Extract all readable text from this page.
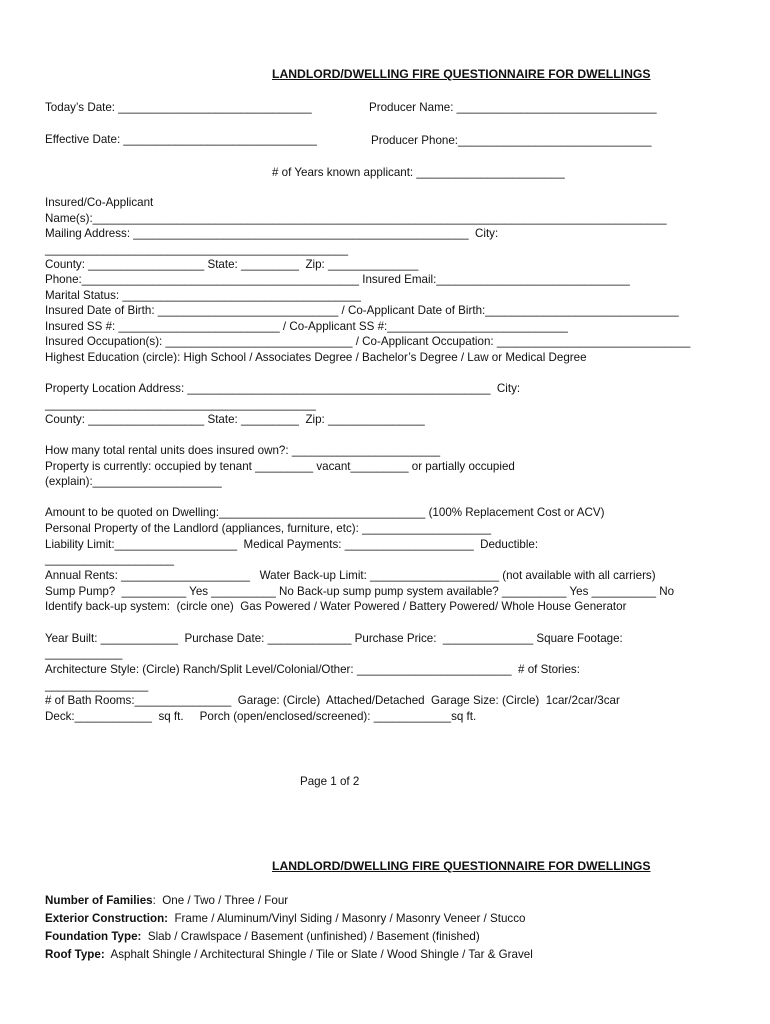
LANDLORD/DWELLING FIRE QUESTIONNAIRE FOR DWELLINGS
Today’s Date: ______________________________	Producer Name: _______________________________
Effective Date: ______________________________	Producer Phone:______________________________
# of Years known applicant: _______________________
Insured/Co-Applicant
Name(s):_________________________________________________________________________________________
Mailing Address: ____________________________________________________  City:
_______________________________________________
County: __________________ State: _________  Zip: ______________
Phone:___________________________________________ Insured Email:______________________________
Marital Status: _____________________________________
Insured Date of Birth: ____________________________ / Co-Applicant Date of Birth:______________________________
Insured SS #: _________________________ / Co-Applicant SS #:____________________________
Insured Occupation(s): _____________________________ / Co-Applicant Occupation: ______________________________
Highest Education (circle): High School / Associates Degree / Bachelor’s Degree / Law or Medical Degree
Property Location Address: _______________________________________________  City:
__________________________________________
County: __________________ State: _________  Zip: _______________
How many total rental units does insured own?: _______________________
Property is currently: occupied by tenant _________ vacant_________ or partially occupied
(explain):____________________
Amount to be quoted on Dwelling:________________________________ (100% Replacement Cost or ACV)
Personal Property of the Landlord (appliances, furniture, etc): ____________________
Liability Limit:___________________  Medical Payments: ____________________  Deductible:
____________________
Annual Rents: ____________________   Water Back-up Limit: ____________________ (not available with all carriers)
Sump Pump?  __________ Yes __________ No Back-up sump pump system available? __________ Yes __________ No
Identify back-up system:  (circle one)  Gas Powered / Water Powered / Battery Powered/ Whole House Generator
Year Built: ____________  Purchase Date: _____________ Purchase Price:  ______________ Square Footage:
____________
Architecture Style: (Circle) Ranch/Split Level/Colonial/Other: ________________________  # of Stories:
________________
# of Bath Rooms:_______________  Garage: (Circle)  Attached/Detached  Garage Size: (Circle)  1car/2car/3car
Deck:____________  sq ft.     Porch (open/enclosed/screened): ____________sq ft.
Page 1 of 2
LANDLORD/DWELLING FIRE QUESTIONNAIRE FOR DWELLINGS
Number of Families:  One / Two / Three / Four
Exterior Construction:  Frame / Aluminum/Vinyl Siding / Masonry / Masonry Veneer / Stucco
Foundation Type:  Slab / Crawlspace / Basement (unfinished) / Basement (finished)
Roof Type:  Asphalt Shingle / Architectural Shingle / Tile or Slate / Wood Shingle / Tar & Gravel
